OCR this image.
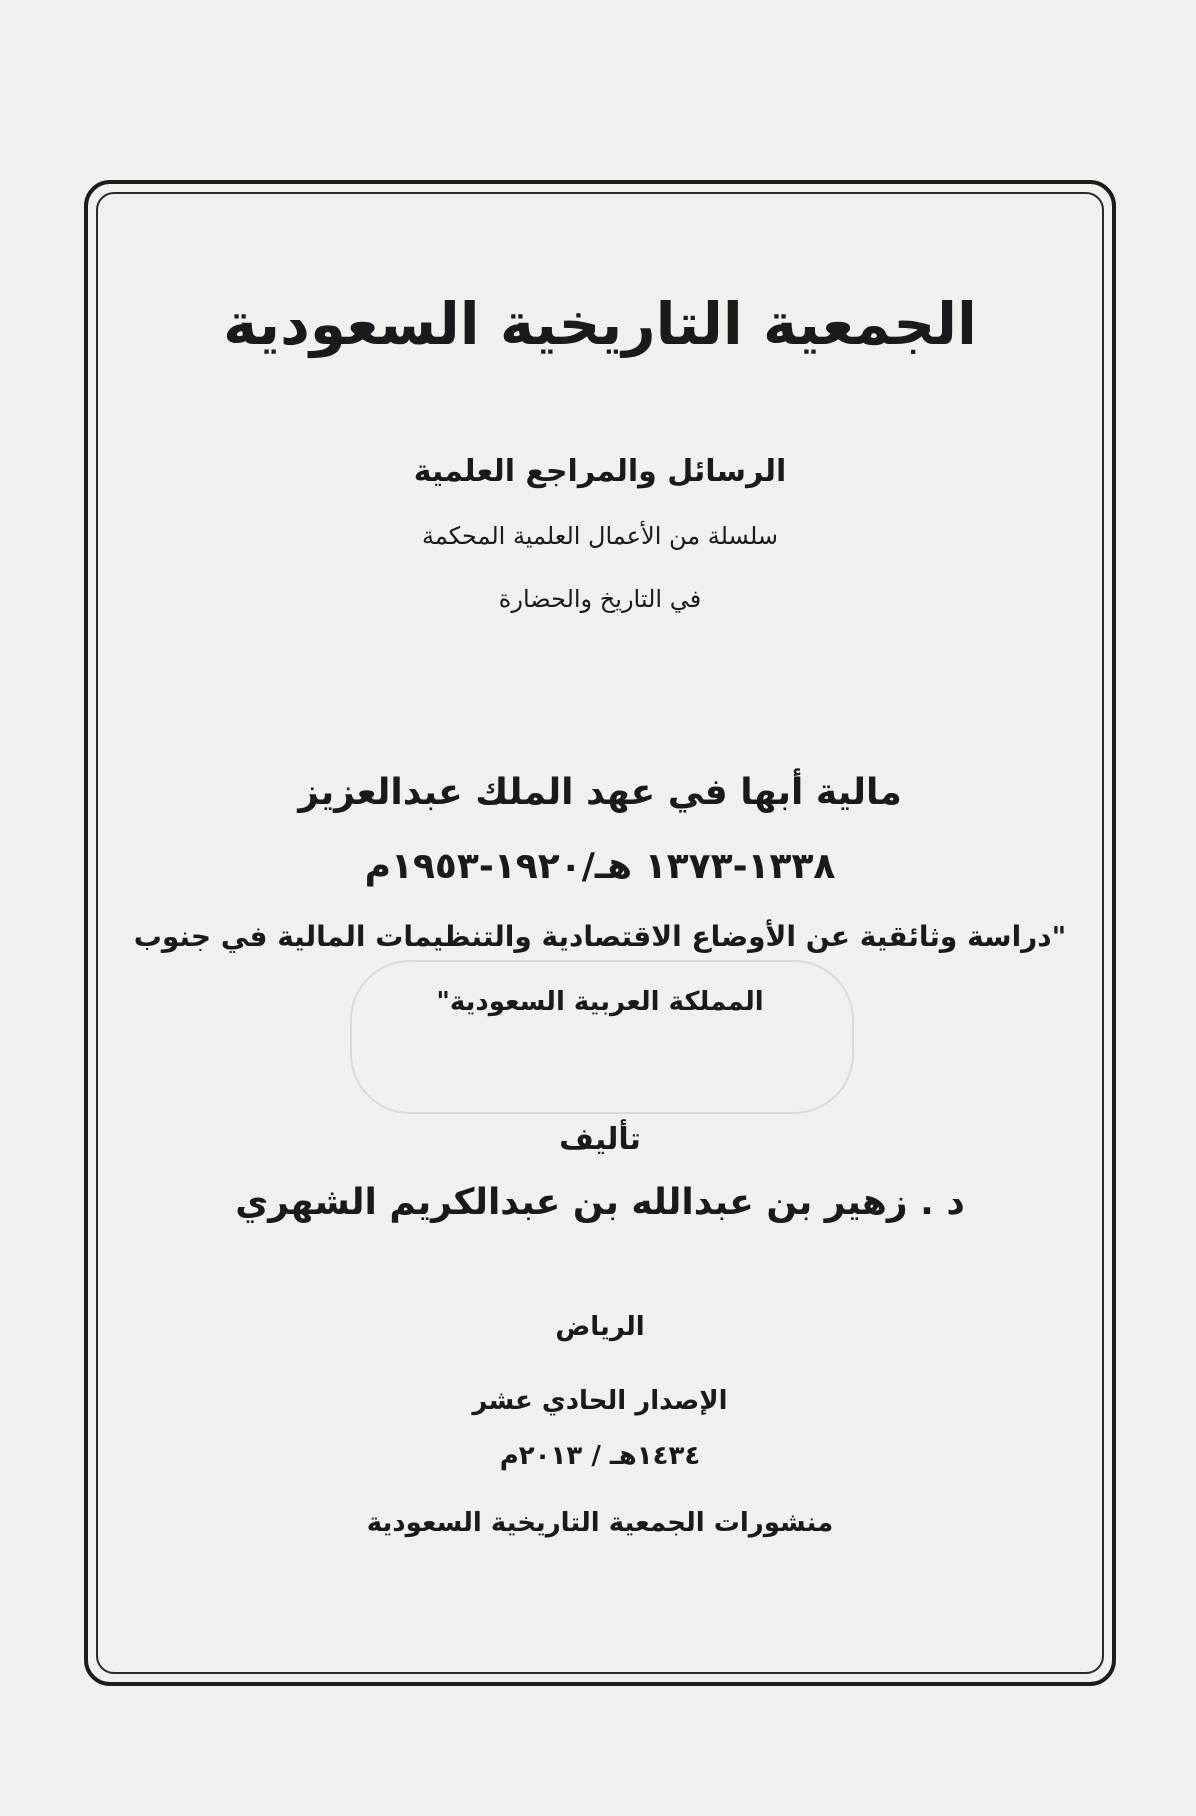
الجمعية التاريخية السعودية
الرسائل والمراجع العلمية
سلسلة من الأعمال العلمية المحكمة
في التاريخ والحضارة
مالية أبها في عهد الملك عبدالعزيز
١٣٣٨-١٣٧٣ هـ/١٩٢٠-١٩٥٣م
"دراسة وثائقية عن الأوضاع الاقتصادية والتنظيمات المالية في جنوب
المملكة العربية السعودية"
تأليف
د . زهير بن عبدالله بن عبدالكريم الشهري
الرياض
الإصدار الحادي عشر
١٤٣٤هـ / ٢٠١٣م
منشورات الجمعية التاريخية السعودية
